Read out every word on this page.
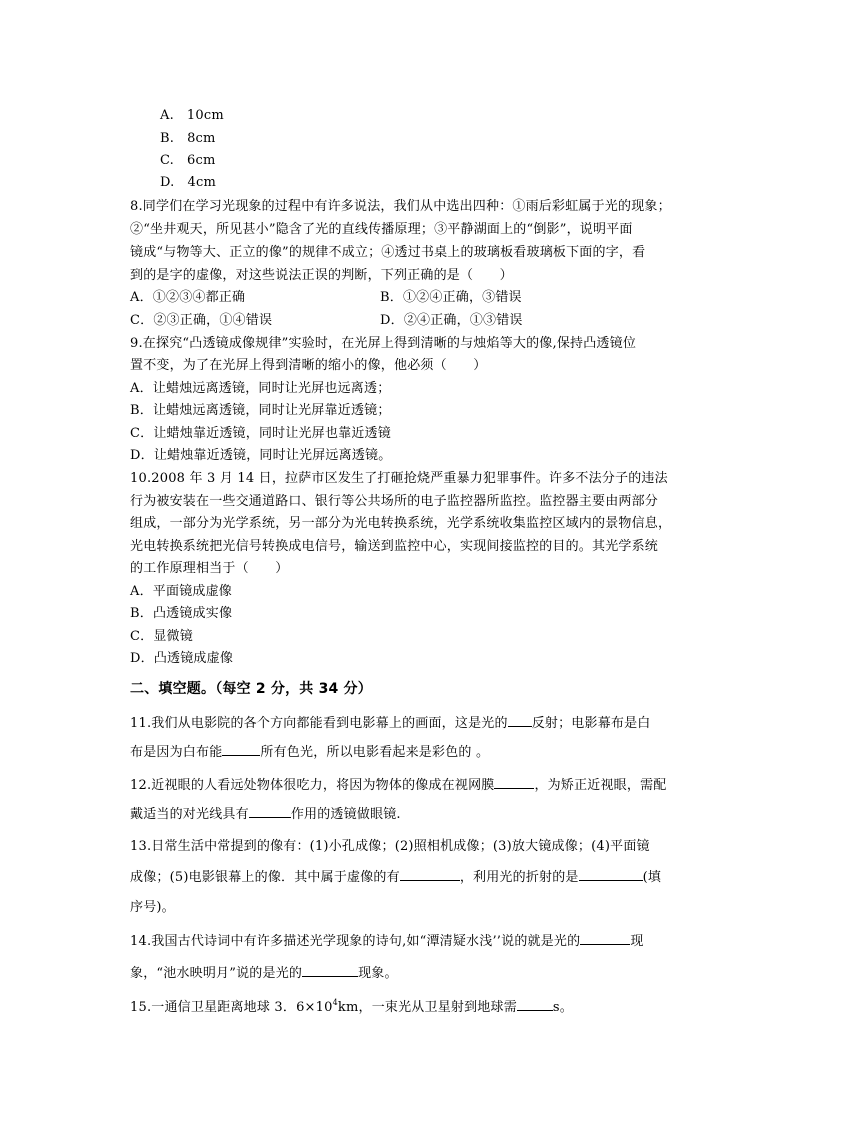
A.   10cm
B.   8cm
C.   6cm
D.   4cm
8.同学们在学习光现象的过程中有许多说法，我们从中选出四种：①雨后彩虹属于光的现象；
②“坐井观天，所见甚小”隐含了光的直线传播原理；③平静湖面上的“倒影”，说明平面
镜成“与物等大、正立的像”的规律不成立；④透过书桌上的玻璃板看玻璃板下面的字，看
到的是字的虚像，对这些说法正误的判断，下列正确的是（　　）
A．①②③④都正确	B．①②④正确，③错误
C．②③正确，①④错误	D．②④正确，①③错误
9.在探究“凸透镜成像规律”实验时，在光屏上得到清晰的与烛焰等大的像,保持凸透镜位
置不变，为了在光屏上得到清晰的缩小的像，他必须（　　）
A．让蜡烛远离透镜，同时让光屏也远离透；
B．让蜡烛远离透镜，同时让光屏靠近透镜；
C．让蜡烛靠近透镜，同时让光屏也靠近透镜
D．让蜡烛靠近透镜，同时让光屏远离透镜。
10.2008 年 3 月 14 日，拉萨市区发生了打砸抢烧严重暴力犯罪事件。许多不法分子的违法
行为被安装在一些交通道路口、银行等公共场所的电子监控器所监控。监控器主要由两部分
组成，一部分为光学系统，另一部分为光电转换系统，光学系统收集监控区域内的景物信息，
光电转换系统把光信号转换成电信号，输送到监控中心，实现间接监控的目的。其光学系统
的工作原理相当于（　　）
A．平面镜成虚像
B．凸透镜成实像
C．显微镜
D．凸透镜成虚像
二、填空题。（每空 2 分，共 34 分）
11.我们从电影院的各个方向都能看到电影幕上的画面，这是光的 反射；电影幕布是白
布是因为白布能	所有色光，所以电影看起来是彩色的 。
12.近视眼的人看远处物体很吃力，将因为物体的像成在视网膜	，为矫正近视眼，需配
戴适当的对光线具有	作用的透镜做眼镜.
13.日常生活中常提到的像有：(1)小孔成像；(2)照相机成像；(3)放大镜成像；(4)平面镜
成像；(5)电影银幕上的像．其中属于虚像的有	，利用光的折射的是	(填
序号)。
14.我国古代诗词中有许多描述光学现象的诗句,如“潭清疑水浅’’说的就是光的	现
象，“池水映明月”说的是光的	现象。
15.一通信卫星距离地球 3．$6\times 10^4km$，一束光从卫星射到地球需	s。
